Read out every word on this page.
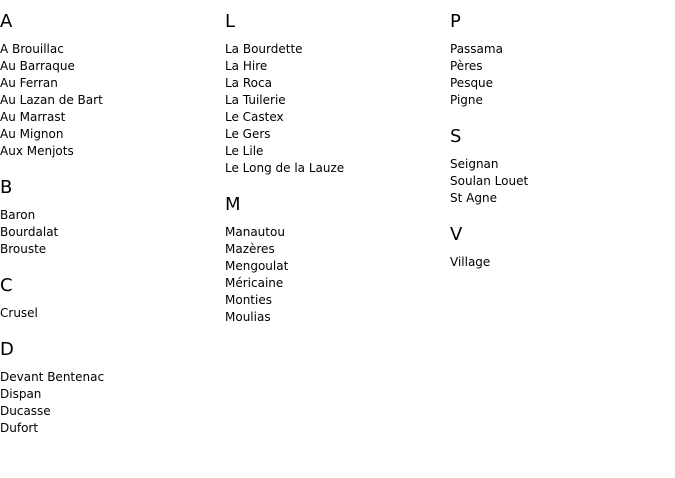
A
A Brouillac
Au Barraque
Au Ferran
Au Lazan de Bart
Au Marrast
Au Mignon
Aux Menjots
B
Baron
Bourdalat
Brouste
C
Crusel
D
Devant Bentenac
Dispan
Ducasse
Dufort
L
La Bourdette
La Hire
La Roca
La Tuilerie
Le Castex
Le Gers
Le Lile
Le Long de la Lauze
M
Manautou
Mazères
Mengoulat
Méricaine
Monties
Moulias
P
Passama
Pères
Pesque
Pigne
S
Seignan
Soulan Louet
St Agne
V
Village
